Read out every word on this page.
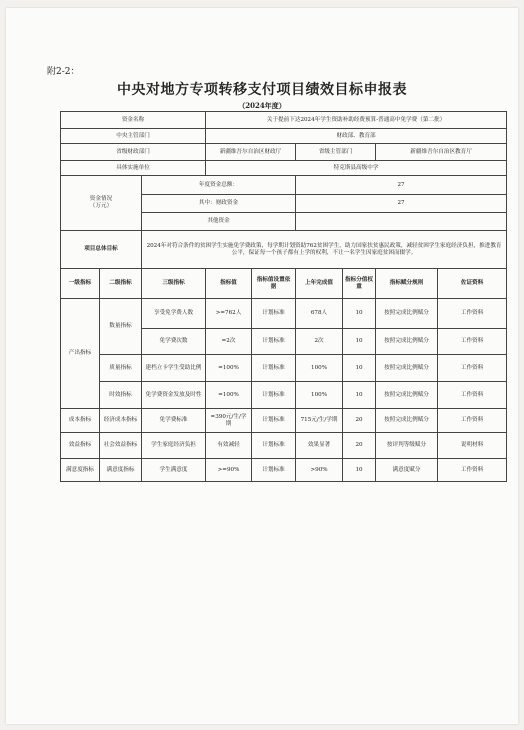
附2-2：
中央对地方专项转移支付项目绩效目标申报表
（2024年度）
资金名称			关于提前下达2024年学生资助补助经费预算-普通高中免学费（第二批）					
中央主管部门			财政部、教育部					
省级财政部门			新疆维吾尔自治区财政厅		省级主管部门		新疆维吾尔自治区教育厅	
具体实施单位			特克斯县高级中学					
资金情况
（万元）		年度资金总额：			27			
		其中：财政资金			27			
		其他资金						
项目总体目标		2024年对符合条件的贫困学生实施免学费政策，每学期计划资助762贫困学生，助力国家扶贫惠民政策，减轻贫困学生家庭经济负担，推进教育公平，保证每一个孩子都有上学的权利，不让一名学生因家庭贫困而辍学。						
一级指标	二级指标	三级指标	指标值	指标值设置依据	上年完成值	指标分值权重	指标赋分规则	佐证资料
产出指标	数量指标	享受免学费人数	>=762人	计划标准	678人	10	按照完成比例赋分	工作资料
		免学费次数	=2次	计划标准	2次	10	按照完成比例赋分	工作资料
	质量指标	建档立卡学生受助比例	=100%	计划标准	100%	10	按照完成比例赋分	工作资料
	时效指标	免学费资金发放及时性	=100%	计划标准	100%	10	按照完成比例赋分	工作资料
成本指标	经济成本指标	免学费标准	=390元/生/学期	计划标准	715元/生/学期	20	按照完成比例赋分	工作资料
效益指标	社会效益指标	学生家庭经济负担	有效减轻	计划标准	效果显著	20	按评判等级赋分	说明材料
满意度指标	满意度指标	学生满意度	>=90%	计划标准	>90%	10	满意度赋分	工作资料
